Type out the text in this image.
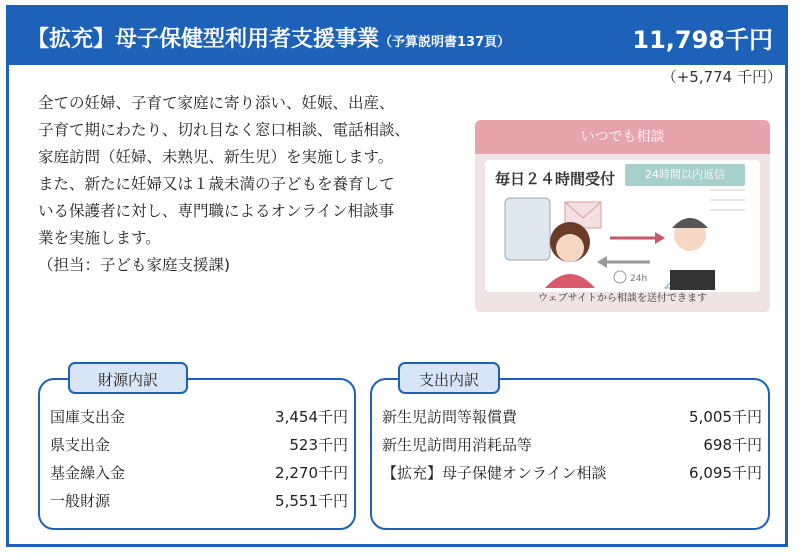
【拡充】母子保健型利用者支援事業（予算説明書137頁）	11,798千円
（+5,774 千円）

全ての妊婦、子育て家庭に寄り添い、妊娠、出産、

子育て期にわたり、切れ目なく窓口相談、電話相談、

家庭訪問（妊婦、未熟児、新生児）を実施します。

また、新たに妊婦又は１歳未満の子どもを養育して

いる保護者に対し、専門職によるオンライン相談事

業を実施します。

（担当：子ども家庭支援課)

いつでも相談
毎日２４時間受付	24時間以内返信
24h
ウェブサイトから相談を送付できます
財源内訳
国庫支出金	3,454千円
県支出金	523千円
基金繰入金	2,270千円
一般財源	5,551千円
支出内訳
新生児訪問等報償費	5,005千円
新生児訪問用消耗品等	698千円
【拡充】母子保健オンライン相談	6,095千円
